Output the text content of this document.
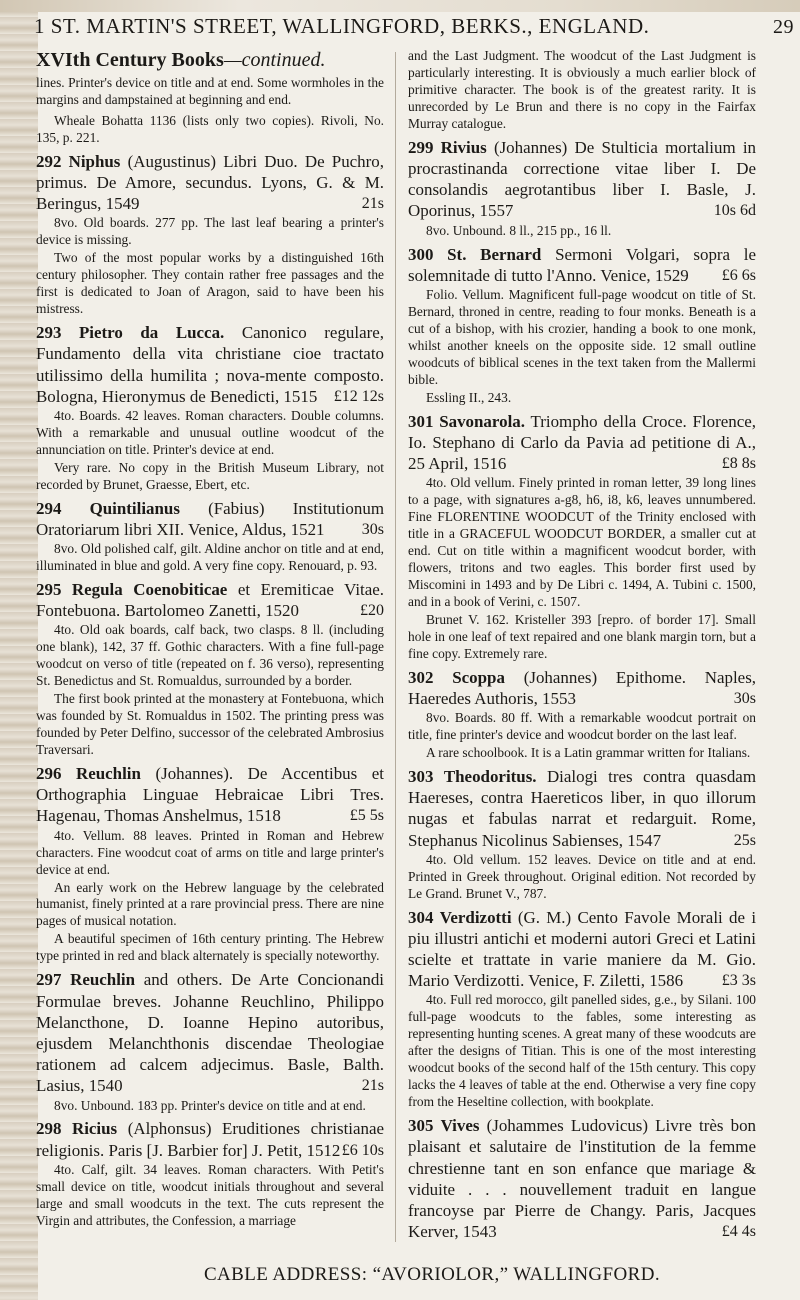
1 ST. MARTIN'S STREET, WALLINGFORD, BERKS., ENGLAND.	29
XVIth Century Books—continued.
lines. Printer's device on title and at end. Some wormholes in the margins and dampstained at beginning and end.
Wheale Bohatta 1136 (lists only two copies). Rivoli, No. 135, p. 221.
292 Niphus (Augustinus) Libri Duo. De Puchro, primus. De Amore, secundus. Lyons, G. & M. Beringus, 1549	21s
8vo. Old boards. 277 pp. The last leaf bearing a printer's device is missing.
Two of the most popular works by a distinguished 16th century philosopher. They contain rather free passages and the first is dedicated to Joan of Aragon, said to have been his mistress.
293 Pietro da Lucca. Canonico regulare, Fundamento della vita christiane cioe tractato utilissimo della humilita ; nova-mente composto. Bologna, Hieronymus de Benedicti, 1515 £12 12s
4to. Boards. 42 leaves. Roman characters. Double columns. With a remarkable and unusual outline woodcut of the annunciation on title. Printer's device at end.
Very rare. No copy in the British Museum Library, not recorded by Brunet, Graesse, Ebert, etc.
294 Quintilianus (Fabius) Institutionum Oratoriarum libri XII. Venice, Aldus, 1521 30s
8vo. Old polished calf, gilt. Aldine anchor on title and at end, illuminated in blue and gold. A very fine copy. Renouard, p. 93.
295 Regula Coenobiticae et Eremiticae Vitae. Fontebuona. Bartolomeo Zanetti, 1520	£20
4to. Old oak boards, calf back, two clasps. 8 ll. (including one blank), 142, 37 ff. Gothic characters. With a fine full-page woodcut on verso of title (repeated on f. 36 verso), representing St. Benedictus and St. Romualdus, surrounded by a border.
The first book printed at the monastery at Fontebuona, which was founded by St. Romualdus in 1502. The printing press was founded by Peter Delfino, successor of the celebrated Ambrosius Traversari.
296 Reuchlin (Johannes). De Accentibus et Orthographia Linguae Hebraicae Libri Tres. Hagenau, Thomas Anshelmus, 1518	£5 5s
4to. Vellum. 88 leaves. Printed in Roman and Hebrew characters. Fine woodcut coat of arms on title and large printer's device at end.
An early work on the Hebrew language by the celebrated humanist, finely printed at a rare provincial press. There are nine pages of musical notation.
A beautiful specimen of 16th century printing. The Hebrew type printed in red and black alternately is specially noteworthy.
297 Reuchlin and others. De Arte Concionandi Formulae breves. Johanne Reuchlino, Philippo Melancthone, D. Ioanne Hepino autoribus, ejusdem Melanchthonis discendae Theologiae rationem ad calcem adjecimus. Basle, Balth. Lasius, 1540	21s
8vo. Unbound. 183 pp. Printer's device on title and at end.
298 Ricius (Alphonsus) Eruditiones christianae religionis. Paris [J. Barbier for] J. Petit, 1512 £6 10s
4to. Calf, gilt. 34 leaves. Roman characters. With Petit's small device on title, woodcut initials throughout and several large and small woodcuts in the text. The cuts represent the Virgin and attributes, the Confession, a marriage
and the Last Judgment. The woodcut of the Last Judgment is particularly interesting. It is obviously a much earlier block of primitive character. The book is of the greatest rarity. It is unrecorded by Le Brun and there is no copy in the Fairfax Murray catalogue.
299 Rivius (Johannes) De Stulticia mortalium in procrastinanda correctione vitae liber I. De consolandis aegrotantibus liber I. Basle, J. Oporinus, 1557	10s 6d
8vo. Unbound. 8 ll., 215 pp., 16 ll.
300 St. Bernard Sermoni Volgari, sopra le solemnitade di tutto l'Anno. Venice, 1529 £6 6s
Folio. Vellum. Magnificent full-page woodcut on title of St. Bernard, throned in centre, reading to four monks. Beneath is a cut of a bishop, with his crozier, handing a book to one monk, whilst another kneels on the opposite side. 12 small outline woodcuts of biblical scenes in the text taken from the Mallermi bible.
Essling II., 243.
301 Savonarola. Triompho della Croce. Florence, Io. Stephano di Carlo da Pavia ad petitione di A., 25 April, 1516	£8 8s
4to. Old vellum. Finely printed in roman letter, 39 long lines to a page, with signatures a-g8, h6, i8, k6, leaves unnumbered. Fine FLORENTINE WOODCUT of the Trinity enclosed with title in a GRACEFUL WOODCUT BORDER, a smaller cut at end. Cut on title within a magnificent woodcut border, with flowers, tritons and two eagles. This border first used by Miscomini in 1493 and by De Libri c. 1494, A. Tubini c. 1500, and in a book of Verini, c. 1507.
Brunet V. 162. Kristeller 393 [repro. of border 17]. Small hole in one leaf of text repaired and one blank margin torn, but a fine copy. Extremely rare.
302 Scoppa (Johannes) Epithome. Naples, Haeredes Authoris, 1553	30s
8vo. Boards. 80 ff. With a remarkable woodcut portrait on title, fine printer's device and woodcut border on the last leaf.
A rare schoolbook. It is a Latin grammar written for Italians.
303 Theodoritus. Dialogi tres contra quasdam Haereses, contra Haereticos liber, in quo illorum nugas et fabulas narrat et redarguit. Rome, Stephanus Nicolinus Sabienses, 1547	25s
4to. Old vellum. 152 leaves. Device on title and at end. Printed in Greek throughout. Original edition. Not recorded by Le Grand. Brunet V., 787.
304 Verdizotti (G. M.) Cento Favole Morali de i piu illustri antichi et moderni autori Greci et Latini scielte et trattate in varie maniere da M. Gio. Mario Verdizotti. Venice, F. Ziletti, 1586 £3 3s
4to. Full red morocco, gilt panelled sides, g.e., by Silani. 100 full-page woodcuts to the fables, some interesting as representing hunting scenes. A great many of these woodcuts are after the designs of Titian. This is one of the most interesting woodcut books of the second half of the 15th century. This copy lacks the 4 leaves of table at the end. Otherwise a very fine copy from the Heseltine collection, with bookplate.
305 Vives (Johammes Ludovicus) Livre très bon plaisant et salutaire de l'institution de la femme chrestienne tant en son enfance que mariage & viduite . . . nouvellement traduit en langue francoyse par Pierre de Changy. Paris, Jacques Kerver, 1543	£4 4s
CABLE ADDRESS: “AVORIOLOR,” WALLINGFORD.
